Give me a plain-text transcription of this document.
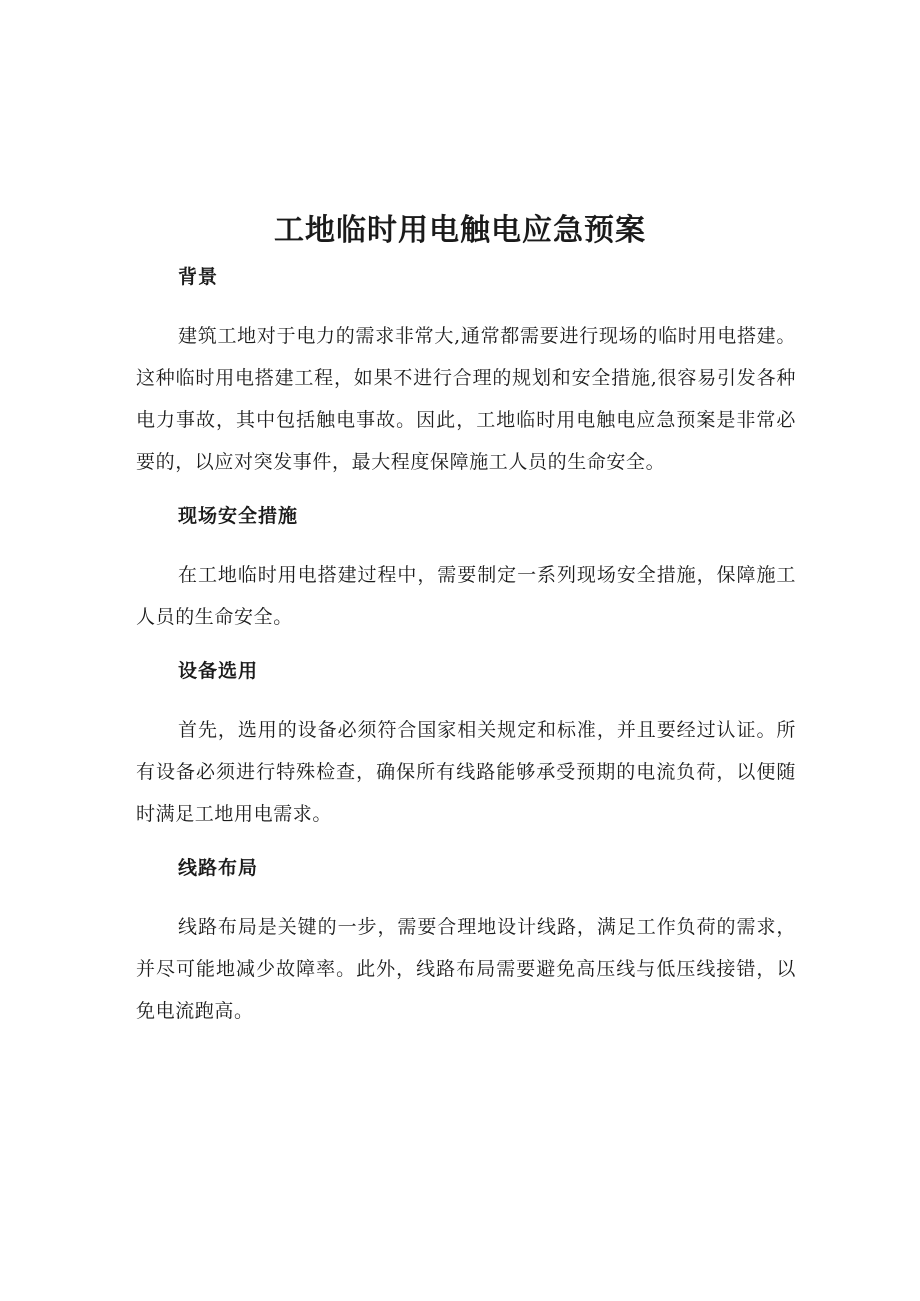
工地临时用电触电应急预案
背景

建筑工地对于电力的需求非常大,通常都需要进行现场的临时用电搭建。这种临时用电搭建工程，如果不进行合理的规划和安全措施,很容易引发各种电力事故，其中包括触电事故。因此，工地临时用电触电应急预案是非常必要的，以应对突发事件，最大程度保障施工人员的生命安全。

现场安全措施

在工地临时用电搭建过程中，需要制定一系列现场安全措施，保障施工人员的生命安全。

设备选用

首先，选用的设备必须符合国家相关规定和标准，并且要经过认证。所有设备必须进行特殊检查，确保所有线路能够承受预期的电流负荷，以便随时满足工地用电需求。

线路布局

线路布局是关键的一步，需要合理地设计线路，满足工作负荷的需求，并尽可能地减少故障率。此外，线路布局需要避免高压线与低压线接错，以免电流跑高。
